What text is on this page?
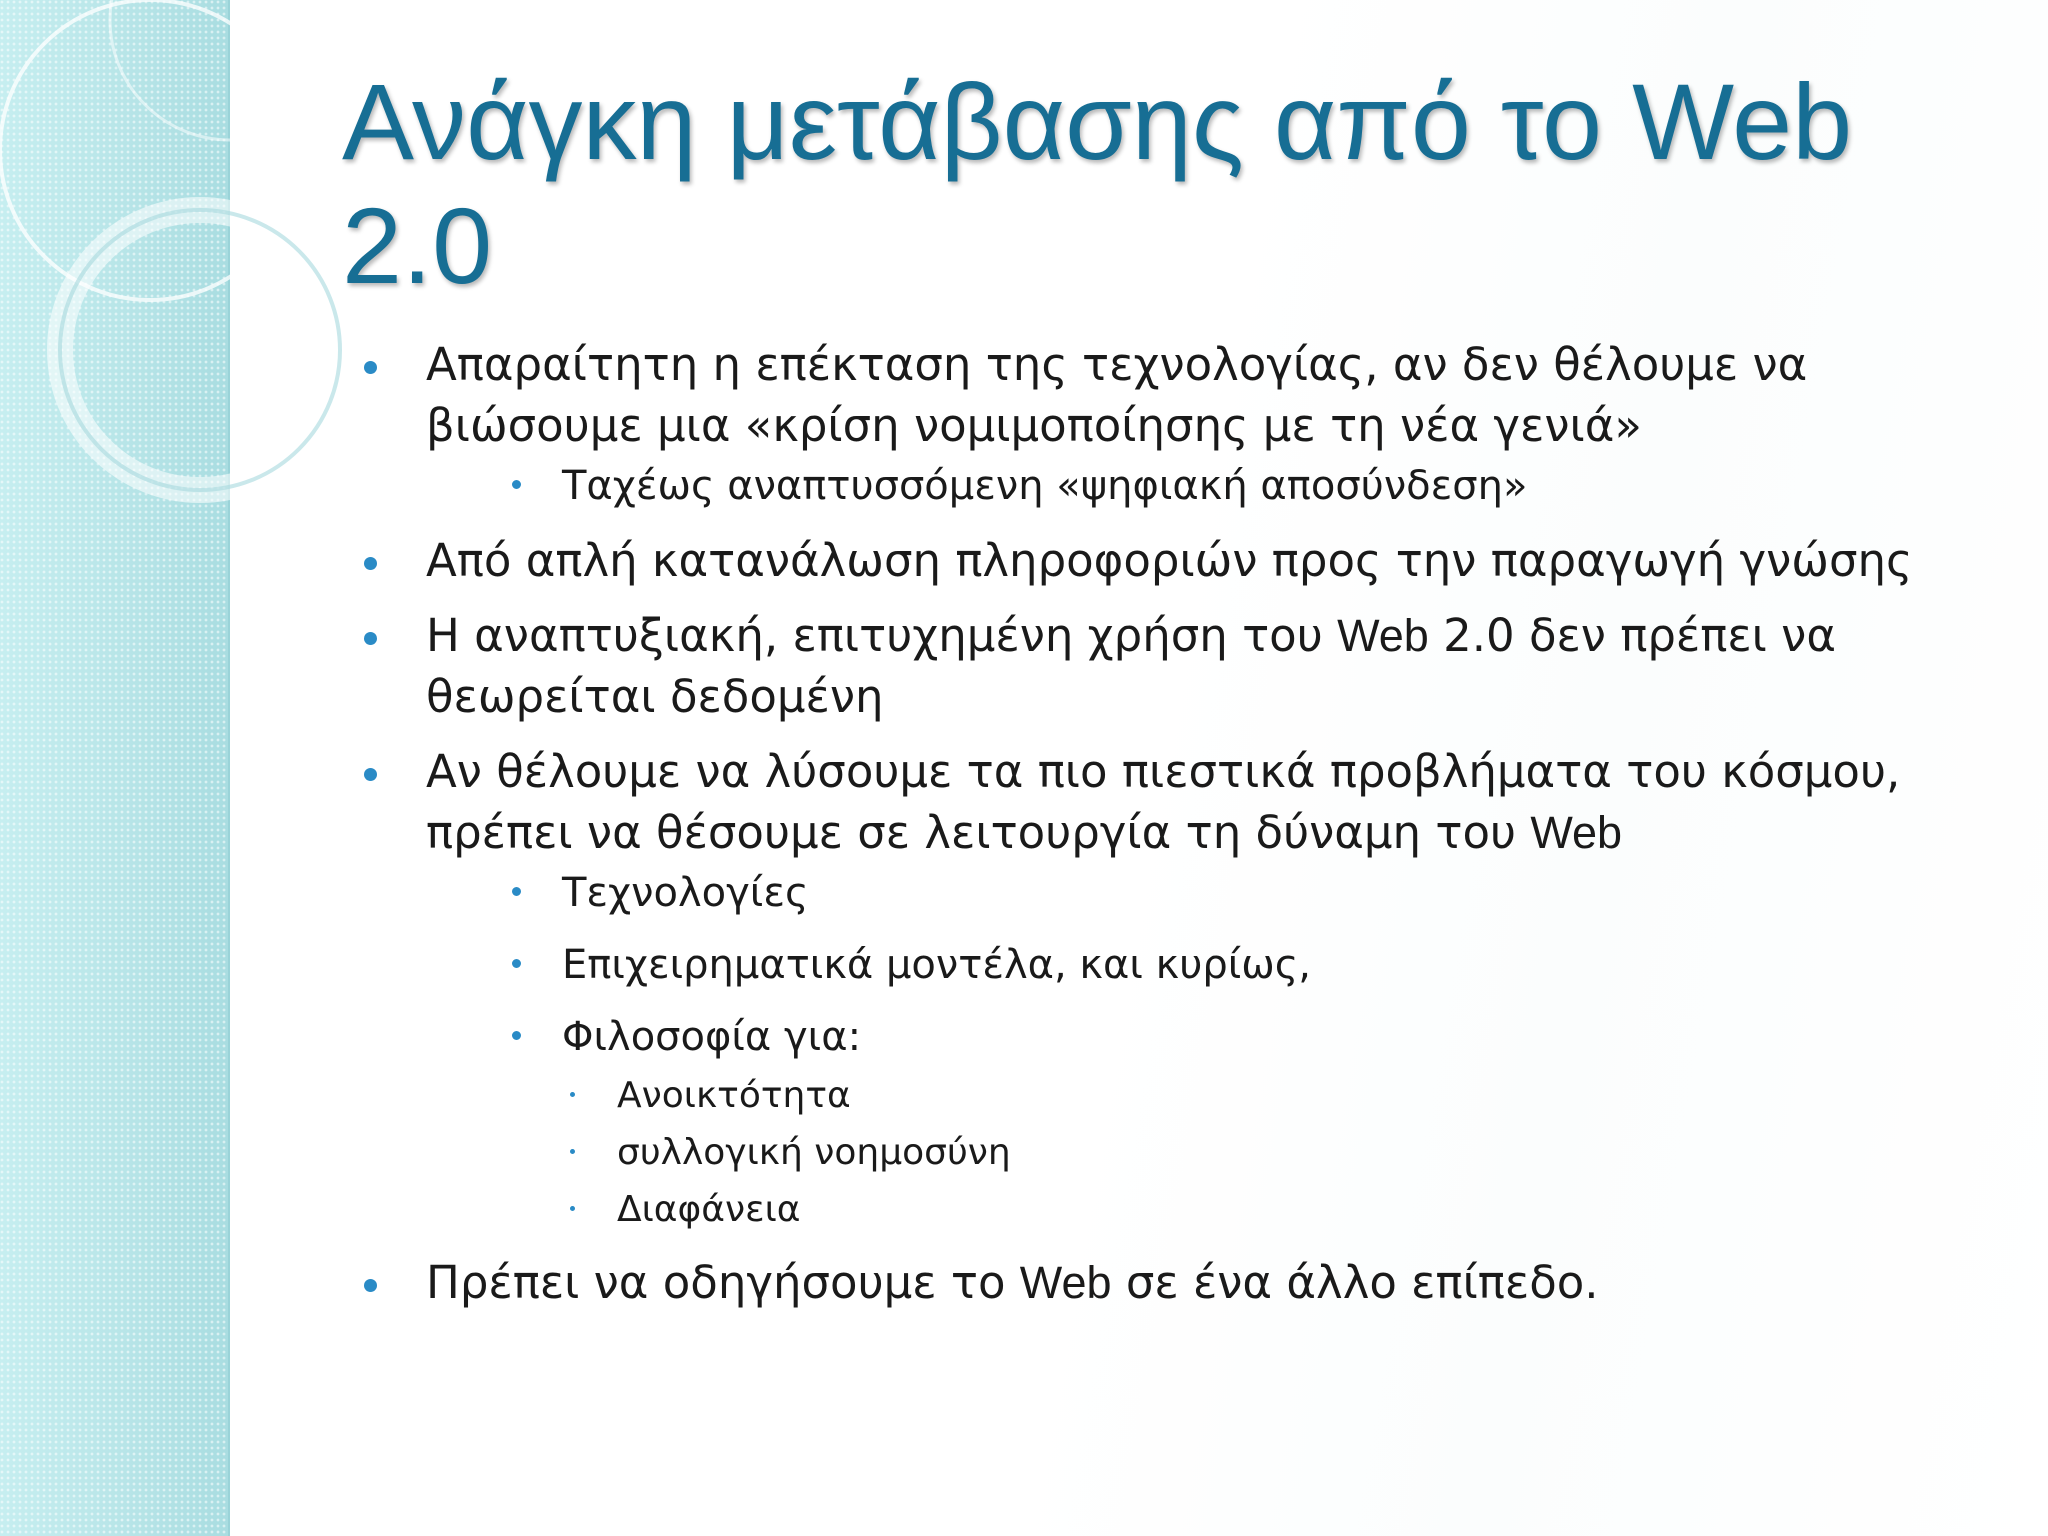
Ανάγκη μετάβασης από το Web 2.0
Απαραίτητη η επέκταση της τεχνολογίας, αν δεν θέλουμε να βιώσουμε μια «κρίση νομιμοποίησης με τη νέα γενιά»
Ταχέως αναπτυσσόμενη «ψηφιακή αποσύνδεση»
Από απλή κατανάλωση πληροφοριών προς την παραγωγή γνώσης
Η αναπτυξιακή, επιτυχημένη χρήση του Web 2.0 δεν πρέπει να θεωρείται δεδομένη
Αν θέλουμε να λύσουμε τα πιο πιεστικά προβλήματα του κόσμου, πρέπει να θέσουμε σε λειτουργία τη δύναμη του Web
Τεχνολογίες
Επιχειρηματικά μοντέλα, και κυρίως,
Φιλοσοφία για:
Ανοικτότητα
συλλογική νοημοσύνη
Διαφάνεια
Πρέπει να οδηγήσουμε το Web σε ένα άλλο επίπεδο.
